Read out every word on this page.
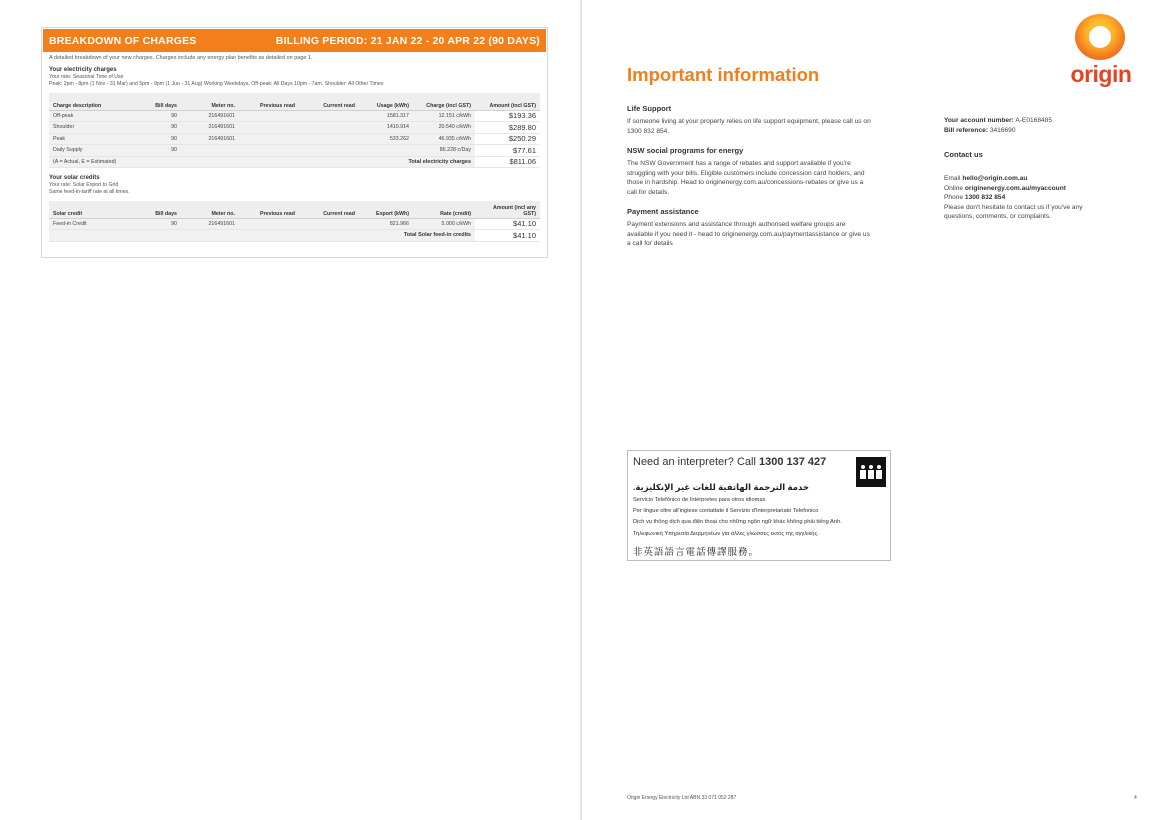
BREAKDOWN OF CHARGES	BILLING PERIOD: 21 JAN 22 - 20 APR 22 (90 DAYS)
A detailed breakdown of your new charges. Charges include any energy plan benefits as detailed on page 1.
Your electricity charges
Your rate: Seasonal Time of Use
Peak: 2pm - 8pm (1 Nov - 31 Mar) and 5pm - 9pm (1 Jun - 31 Aug) Working Weekdays. Off-peak: All Days 10pm - 7am. Shoulder: All Other Times
Charge description	Bill days	Meter no.	Previous read	Current read	Usage (kWh)	Charge (incl GST)	Amount (incl GST)
Off-peak	90	216491601			1581.317	12.151 c/kWh	$193.36
Shoulder	90	216491601			1410.914	20.540 c/kWh	$289.80
Peak	90	216491601			533.262	46.935 c/kWh	$250.29
Daily Supply	90					86.228 c/Day	$77.61
(A = Actual, E = Estimated)					Total electricity charges		$811.06
Your solar credits
Your rate: Solar Export to Grid
Same feed-in-tariff rate at all times.
Solar credit	Bill days	Meter no.	Previous read	Current read	Export (kWh)	Rate (credit)	Amount (incl any GST)
Feed-in Credit	90	216491601			821.966	5.000 c/kWh	$41.10
					Total Solar feed-in credits		$41.10
origin
Important information
Life Support
If someone living at your property relies on life support equipment, please call us on 1300 832 854.
NSW social programs for energy
The NSW Government has a range of rebates and support available if you're struggling with your bills. Eligible customers include concession card holders, and those in hardship. Head to originenergy.com.au/concessions-rebates or give us a call for details.
Payment assistance
Payment extensions and assistance through authorised welfare groups are available if you need it - head to originenergy.com.au/paymentassistance or give us a call for details
Your account number: A-E0168485
Bill reference: 3416690
Contact us
Email hello@origin.com.au
Online originenergy.com.au/myaccount
Phone 1300 832 854
Please don't hesitate to contact us if you've any questions, comments, or complaints.
Need an interpreter? Call 1300 137 427
خدمة الترجمة الهاتفية للغات غير الإنكليزية.
Servicio Telefónico de Intérpretes para otros idiomas.
Per lingue oltre all'inglese contattate il Servizio d'Interpretariato Telefonico
Dịch vụ thông dịch qua điện thoại cho những ngôn ngữ khác không phải tiếng Anh.
Τηλεφωνική Υπηρεσία Διερμηνέων για άλλες γλώσσες εκτός της αγγλικής.
非英語語言電話傳譯服務。
Origin Energy Electricity Ltd ABN 33 071 052 287	4
